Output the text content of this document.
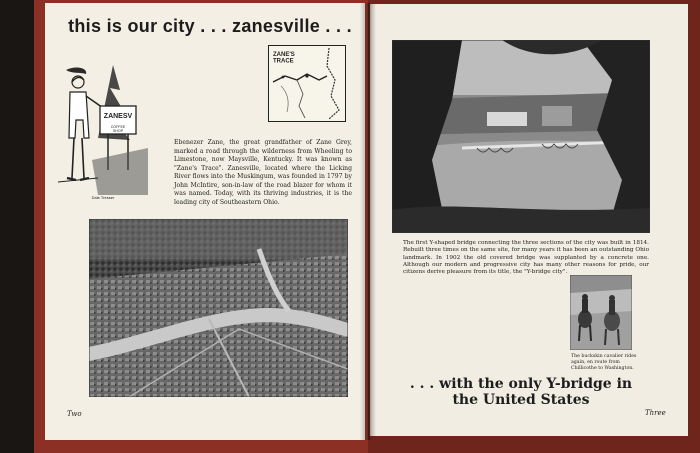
this is our city . . . zanesville . . .
ZANESV
COFFEE SHOP
Dale Tresser
ZANE'S TRACE
Ebenezer Zane, the great grandfather of Zane Grey, marked a road through the wilderness from Wheeling to Limestone, now Maysville, Kentucky. It was known as "Zane's Trace". Zanesville, located where the Licking River flows into the Muskingum, was founded in 1797 by John McIntire, son-in-law of the road blazer for whom it was named. Today, with its thriving industries, it is the leading city of Southeastern Ohio.
Two
The first Y-shaped bridge connecting the three sections of the city was built in 1814. Rebuilt three times on the same site, for many years it has been an outstanding Ohio landmark. In 1902 the old covered bridge was supplanted by a concrete one. Although our modern and progressive city has many other reasons for pride, our citizens derive pleasure from its title, the "Y-bridge city".
The buckskin cavalier rides again, en route from Chillicothe to Washington.
. . . with the only Y-bridge in the United States
Three
